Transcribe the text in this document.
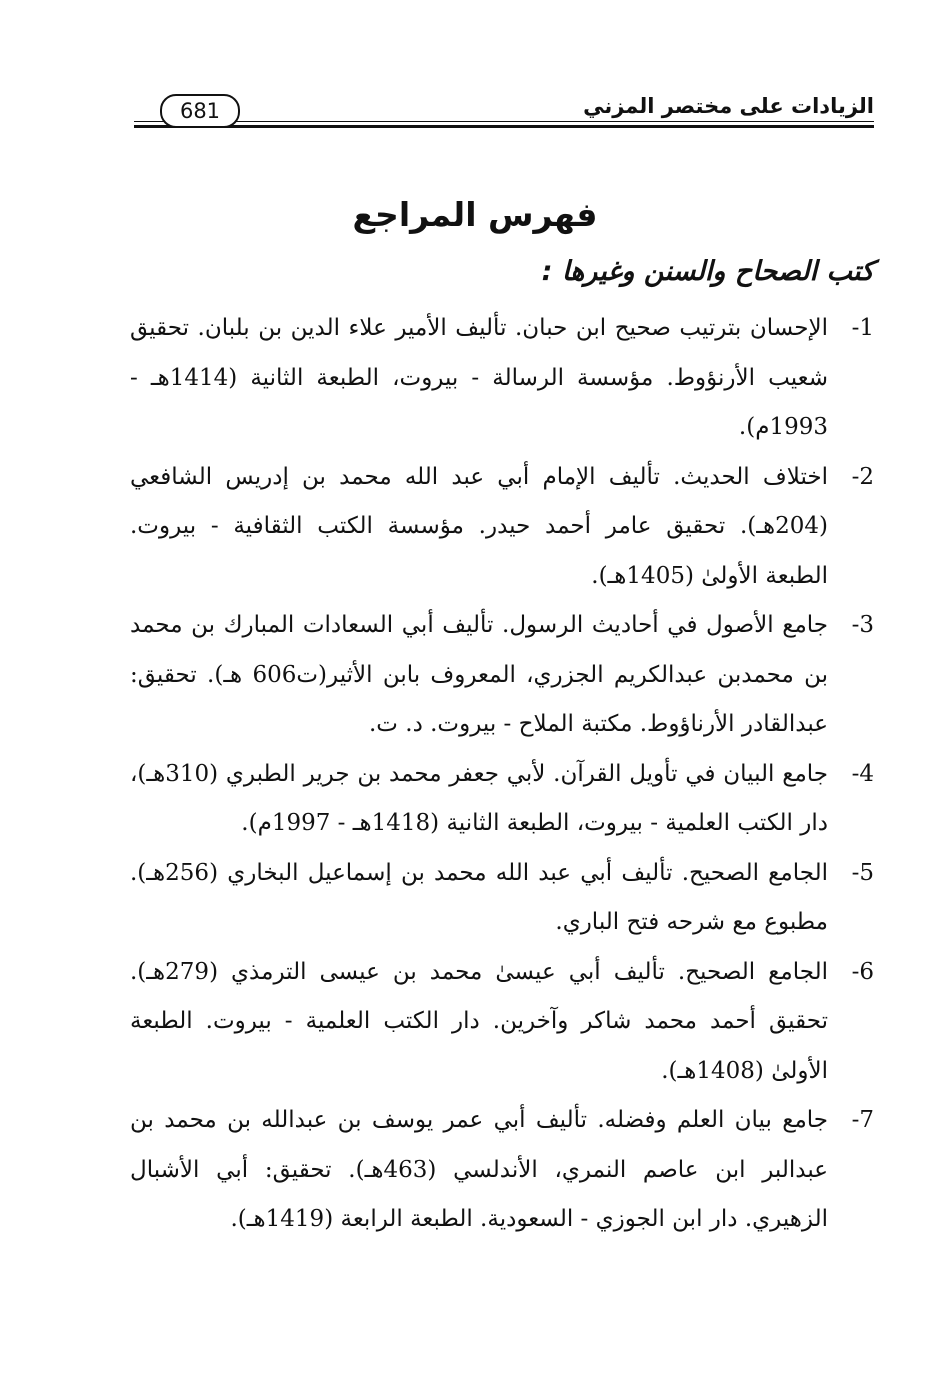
الزيادات على مختصر المزني
681
فهرس المراجع
كتب الصحاح والسنن وغيرها :
1-
الإحسان بترتيب صحيح ابن حبان. تأليف الأمير علاء الدين بن بلبان. تحقيق شعيب الأرنؤوط. مؤسسة الرسالة - بيروت، الطبعة الثانية (1414هـ - 1993م).
2-
اختلاف الحديث. تأليف الإمام أبي عبد الله محمد بن إدريس الشافعي (204هـ). تحقيق عامر أحمد حيدر. مؤسسة الكتب الثقافية - بيروت. الطبعة الأولىٰ (1405هـ).
3-
جامع الأصول في أحاديث الرسول. تأليف أبي السعادات المبارك بن محمد بن محمدبن عبدالكريم الجزري، المعروف بابن الأثير(ت606 هـ). تحقيق: عبدالقادر الأرناؤوط. مكتبة الملاح - بيروت. د. ت.
4-
جامع البيان في تأويل القرآن. لأبي جعفر محمد بن جرير الطبري (310هـ)، دار الكتب العلمية - بيروت، الطبعة الثانية (1418هـ - 1997م).
5-
الجامع الصحيح. تأليف أبي عبد الله محمد بن إسماعيل البخاري (256هـ). مطبوع مع شرحه فتح الباري.
6-
الجامع الصحيح. تأليف أبي عيسىٰ محمد بن عيسى الترمذي (279هـ). تحقيق أحمد محمد شاكر وآخرين. دار الكتب العلمية - بيروت. الطبعة الأولىٰ (1408هـ).
7-
جامع بيان العلم وفضله. تأليف أبي عمر يوسف بن عبدالله بن محمد بن عبدالبر ابن عاصم النمري، الأندلسي (463هـ). تحقيق: أبي الأشبال الزهيري. دار ابن الجوزي - السعودية. الطبعة الرابعة (1419هـ).
